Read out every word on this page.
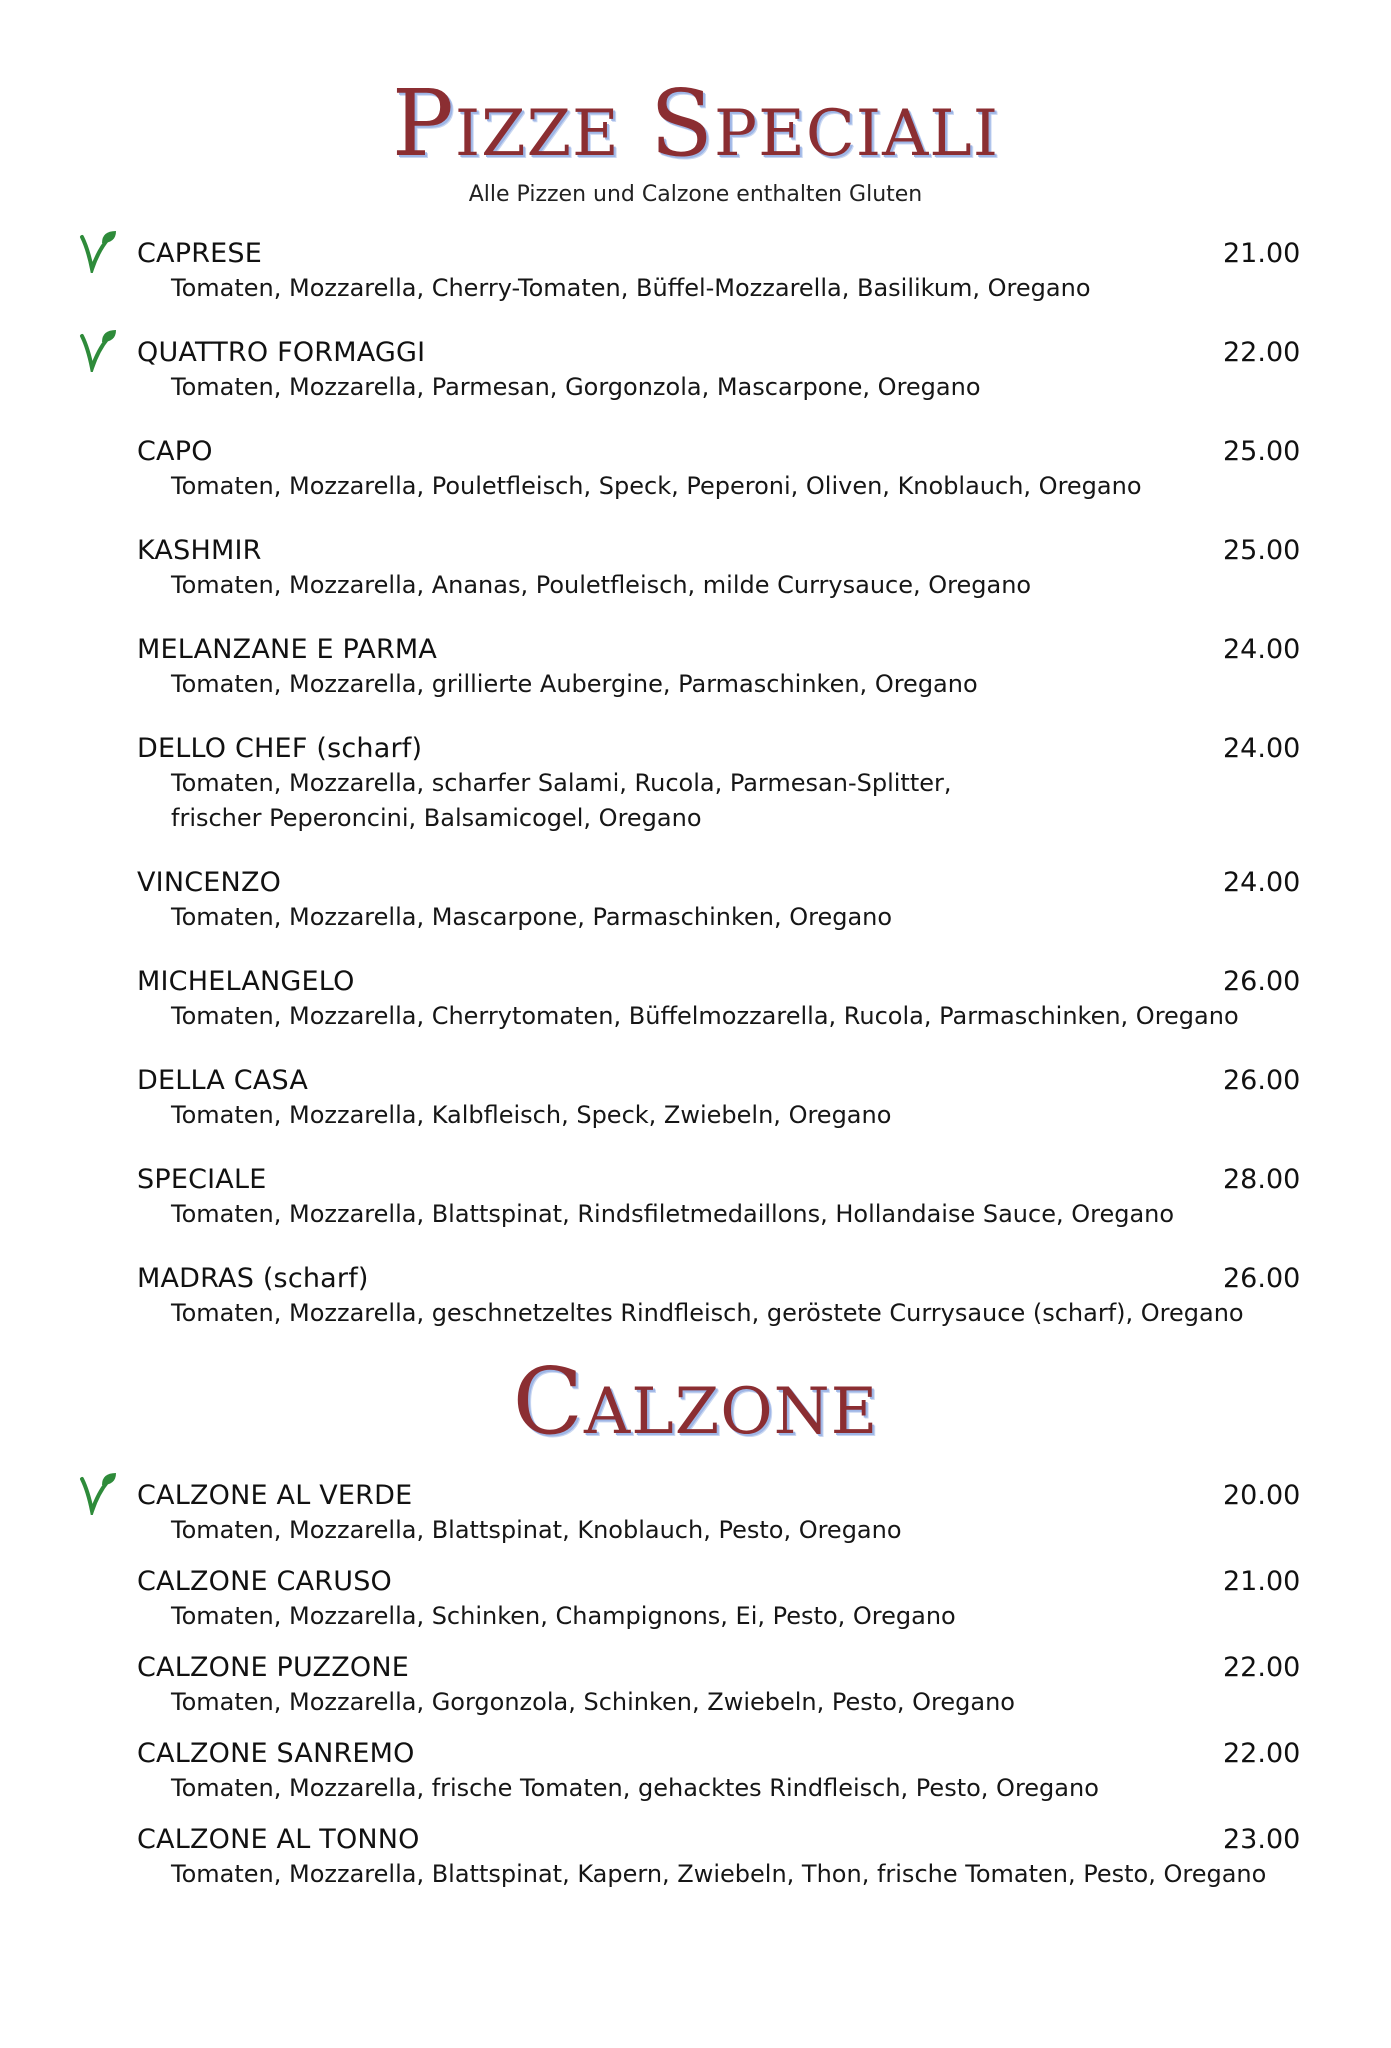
Pizze Speciali
Alle Pizzen und Calzone enthalten Gluten
CAPRESE	21.00
Tomaten, Mozzarella, Cherry-Tomaten, Büffel-Mozzarella, Basilikum, Oregano
QUATTRO FORMAGGI	22.00
Tomaten, Mozzarella, Parmesan, Gorgonzola, Mascarpone, Oregano
CAPO	25.00
Tomaten, Mozzarella, Pouletfleisch, Speck, Peperoni, Oliven, Knoblauch, Oregano
KASHMIR	25.00
Tomaten, Mozzarella, Ananas, Pouletfleisch, milde Currysauce, Oregano
MELANZANE E PARMA	24.00
Tomaten, Mozzarella, grillierte Aubergine, Parmaschinken, Oregano
DELLO CHEF (scharf)	24.00
Tomaten, Mozzarella, scharfer Salami, Rucola, Parmesan-Splitter,
frischer Peperoncini, Balsamicogel, Oregano
VINCENZO	24.00
Tomaten, Mozzarella, Mascarpone, Parmaschinken, Oregano
MICHELANGELO	26.00
Tomaten, Mozzarella, Cherrytomaten, Büffelmozzarella, Rucola, Parmaschinken, Oregano
DELLA CASA	26.00
Tomaten, Mozzarella, Kalbfleisch, Speck, Zwiebeln, Oregano
SPECIALE	28.00
Tomaten, Mozzarella, Blattspinat, Rindsfiletmedaillons, Hollandaise Sauce, Oregano
MADRAS (scharf)	26.00
Tomaten, Mozzarella, geschnetzeltes Rindfleisch, geröstete Currysauce (scharf), Oregano
Calzone
CALZONE AL VERDE	20.00
Tomaten, Mozzarella, Blattspinat, Knoblauch, Pesto, Oregano
CALZONE CARUSO	21.00
Tomaten, Mozzarella, Schinken, Champignons, Ei, Pesto, Oregano
CALZONE PUZZONE	22.00
Tomaten, Mozzarella, Gorgonzola, Schinken, Zwiebeln, Pesto, Oregano
CALZONE SANREMO	22.00
Tomaten, Mozzarella, frische Tomaten, gehacktes Rindfleisch, Pesto, Oregano
CALZONE AL TONNO	23.00
Tomaten, Mozzarella, Blattspinat, Kapern, Zwiebeln, Thon, frische Tomaten, Pesto, Oregano
